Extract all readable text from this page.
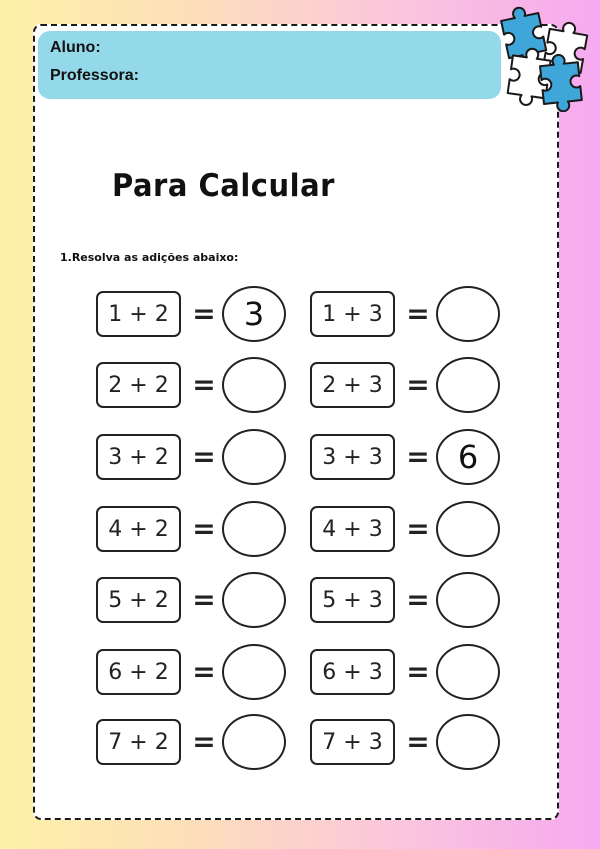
Aluno:
Professora:
Para Calcular
1.Resolva as adições abaixo:
1 + 2 = 3	1 + 3 =
2 + 2 =	2 + 3 =
3 + 2 =	3 + 3 = 6
4 + 2 =	4 + 3 =
5 + 2 =	5 + 3 =
6 + 2 =	6 + 3 =
7 + 2 =	7 + 3 =
